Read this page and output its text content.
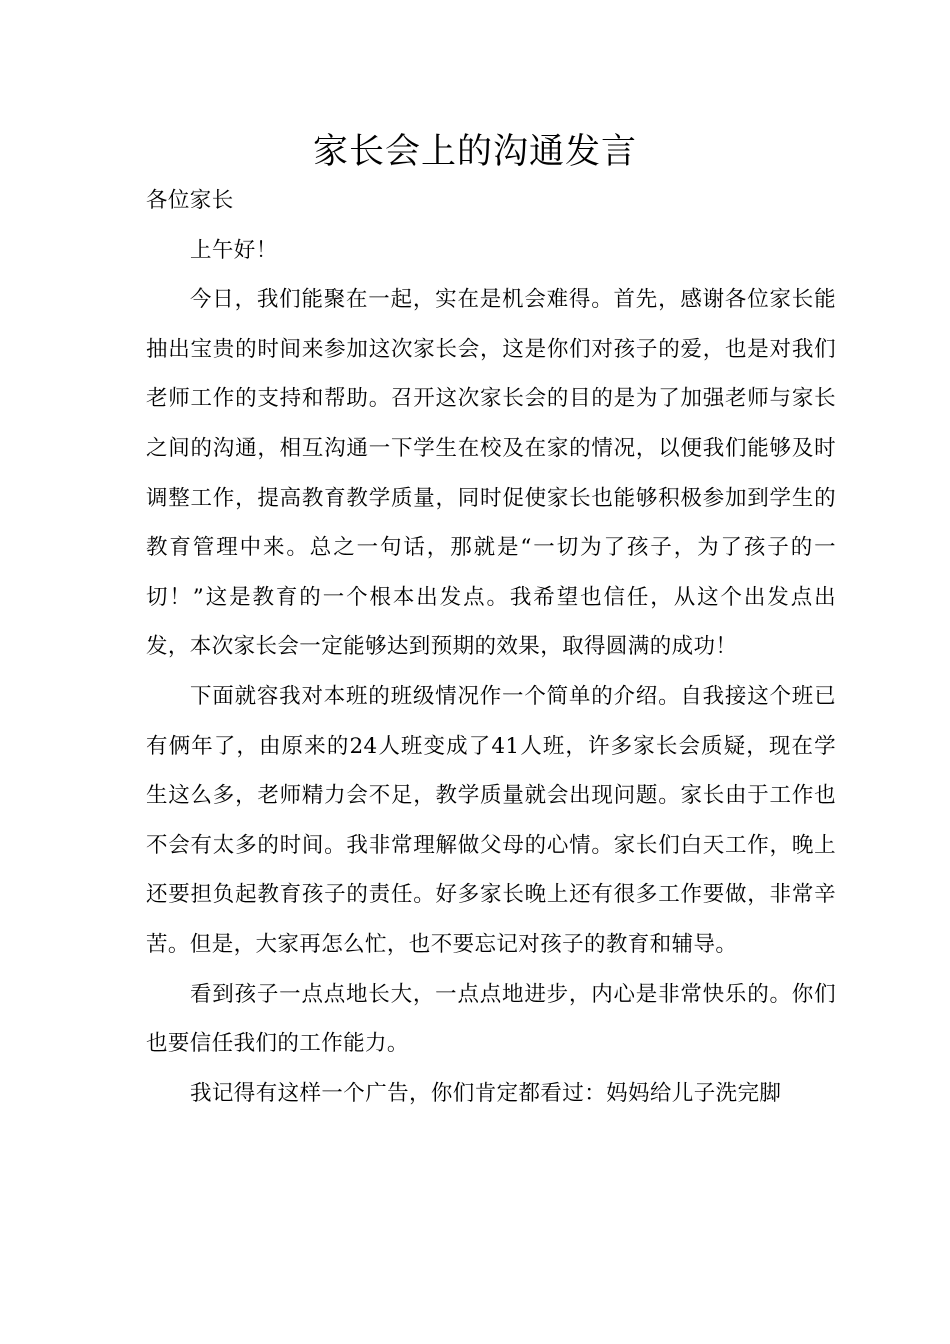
家长会上的沟通发言

各位家长

上午好！

今日，我们能聚在一起，实在是机会难得。首先，感谢各位家长能抽出宝贵的时间来参加这次家长会，这是你们对孩子的爱，也是对我们老师工作的支持和帮助。召开这次家长会的目的是为了加强老师与家长之间的沟通，相互沟通一下学生在校及在家的情况，以便我们能够及时调整工作，提高教育教学质量，同时促使家长也能够积极参加到学生的教育管理中来。总之一句话，那就是“一切为了孩子，为了孩子的一切！”这是教育的一个根本出发点。我希望也信任，从这个出发点出发，本次家长会一定能够达到预期的效果，取得圆满的成功！

下面就容我对本班的班级情况作一个简单的介绍。自我接这个班已有俩年了，由原来的24人班变成了41人班，许多家长会质疑，现在学生这么多，老师精力会不足，教学质量就会出现问题。家长由于工作也不会有太多的时间。我非常理解做父母的心情。家长们白天工作，晚上还要担负起教育孩子的责任。好多家长晚上还有很多工作要做，非常辛苦。但是，大家再怎么忙，也不要忘记对孩子的教育和辅导。

看到孩子一点点地长大，一点点地进步，内心是非常快乐的。你们也要信任我们的工作能力。

我记得有这样一个广告，你们肯定都看过：妈妈给儿子洗完脚
